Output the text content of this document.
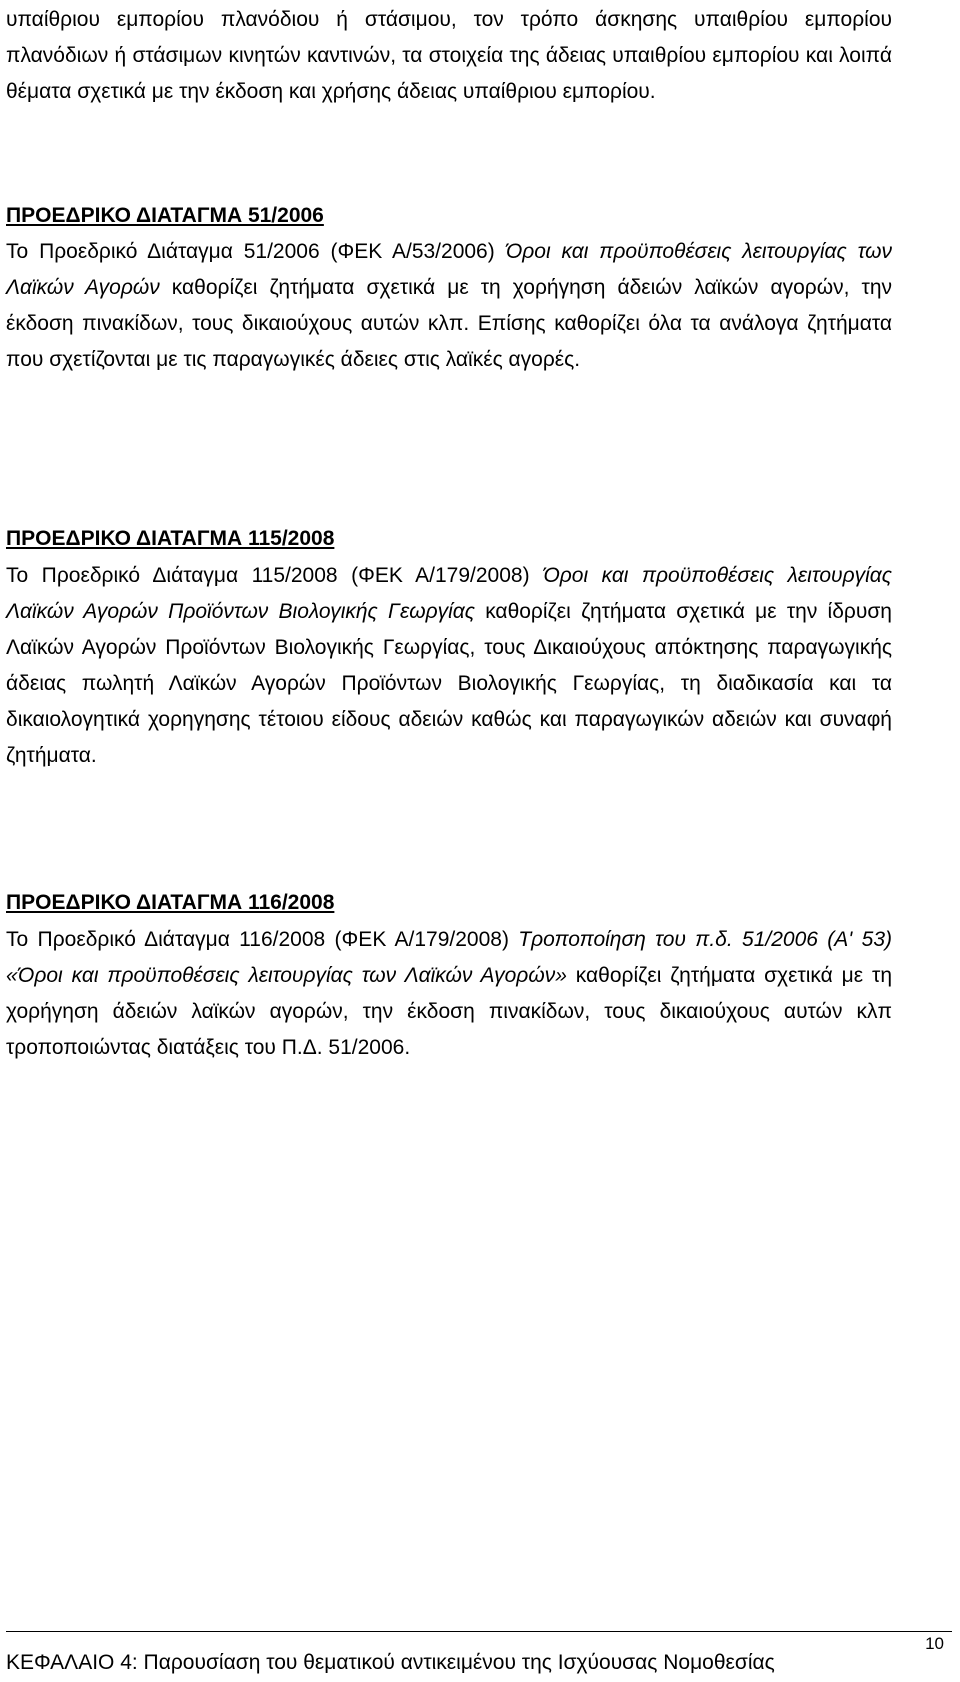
υπαίθριου εμπορίου πλανόδιου ή στάσιμου, τον τρόπο άσκησης υπαιθρίου εμπορίου πλανόδιων ή στάσιμων κινητών καντινών, τα στοιχεία της άδειας υπαιθρίου εμπορίου και λοιπά θέματα σχετικά με την έκδοση και χρήσης άδειας υπαίθριου εμπορίου.

ΠΡΟΕΔΡΙΚΟ ΔΙΑΤΑΓΜΑ 51/2006

Το Προεδρικό Διάταγμα 51/2006 (ΦΕΚ Α/53/2006) Όροι και προϋποθέσεις λειτουργίας των Λαϊκών Αγορών καθορίζει ζητήματα σχετικά με τη χορήγηση άδειών λαϊκών αγορών, την έκδοση πινακίδων, τους δικαιούχους αυτών κλπ. Επίσης καθορίζει όλα τα ανάλογα ζητήματα που σχετίζονται με τις παραγωγικές άδειες στις λαϊκές αγορές.

ΠΡΟΕΔΡΙΚΟ ΔΙΑΤΑΓΜΑ 115/2008

Το Προεδρικό Διάταγμα 115/2008 (ΦΕΚ Α/179/2008) Όροι και προϋποθέσεις λειτουργίας Λαϊκών Αγορών Προϊόντων Βιολογικής Γεωργίας καθορίζει ζητήματα σχετικά με την ίδρυση Λαϊκών Αγορών Προϊόντων Βιολογικής Γεωργίας, τους Δικαιούχους απόκτησης παραγωγικής άδειας πωλητή Λαϊκών Αγορών Προϊόντων Βιολογικής Γεωργίας, τη διαδικασία και τα δικαιολογητικά χορηγησης τέτοιου είδους αδειών καθώς και παραγωγικών αδειών και συναφή ζητήματα.

ΠΡΟΕΔΡΙΚΟ ΔΙΑΤΑΓΜΑ 116/2008

Το Προεδρικό Διάταγμα 116/2008 (ΦΕΚ Α/179/2008) Τροποποίηση του π.δ. 51/2006 (Α' 53) «Όροι και προϋποθέσεις λειτουργίας των Λαϊκών Αγορών» καθορίζει ζητήματα σχετικά με τη χορήγηση άδειών λαϊκών αγορών, την έκδοση πινακίδων, τους δικαιούχους αυτών κλπ τροποποιώντας διατάξεις του Π.Δ. 51/2006.

ΚΕΦΑΛΑΙΟ 4: Παρουσίαση του θεματικού αντικειμένου της Ισχύουσας Νομοθεσίας
10
